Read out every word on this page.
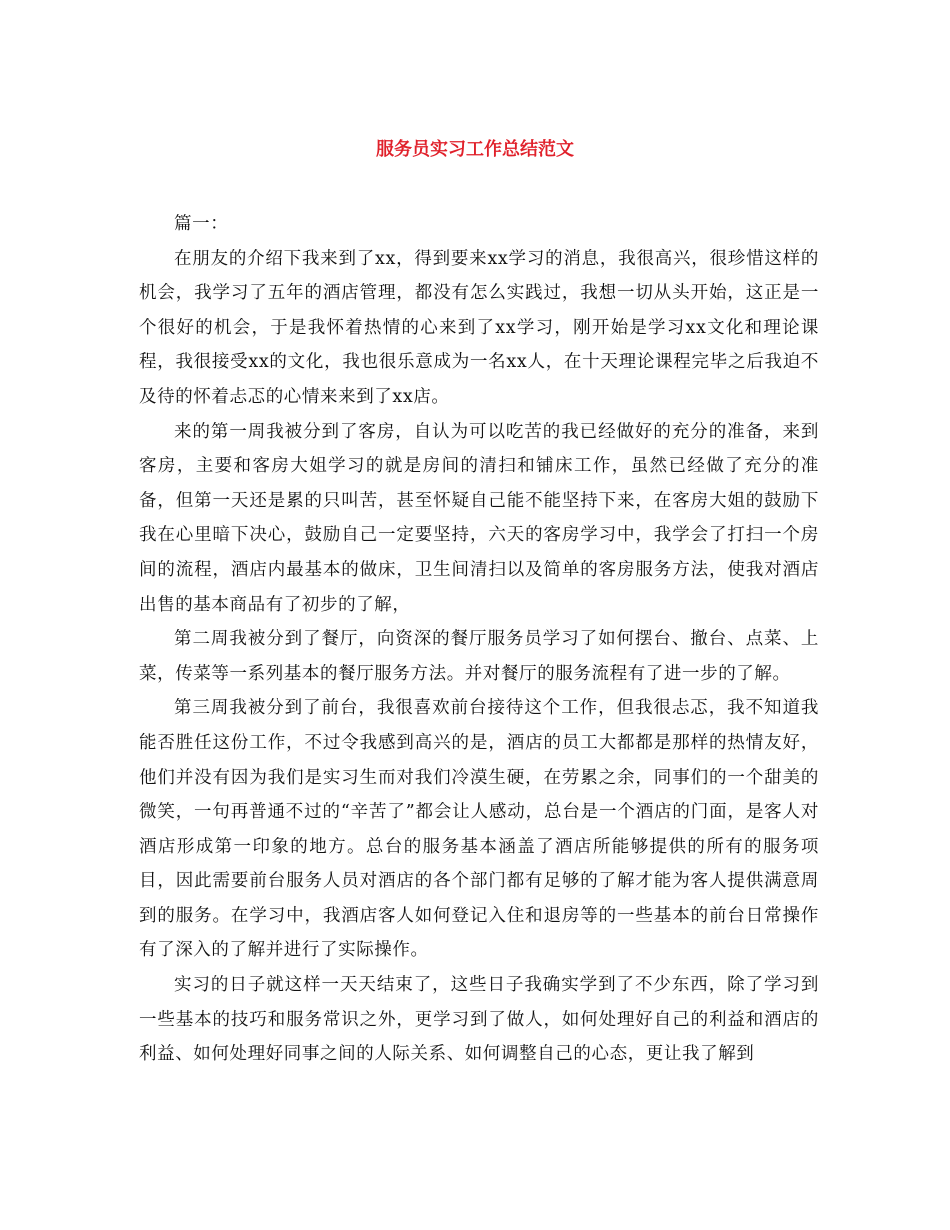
服务员实习工作总结范文

篇一：

在朋友的介绍下我来到了xx，得到要来xx学习的消息，我很高兴，很珍惜这样的机会，我学习了五年的酒店管理，都没有怎么实践过，我想一切从头开始，这正是一个很好的机会，于是我怀着热情的心来到了xx学习，刚开始是学习xx文化和理论课程，我很接受xx的文化，我也很乐意成为一名xx人，在十天理论课程完毕之后我迫不及待的怀着忐忑的心情来来到了xx店。

来的第一周我被分到了客房，自认为可以吃苦的我已经做好的充分的准备，来到客房，主要和客房大姐学习的就是房间的清扫和铺床工作，虽然已经做了充分的准备，但第一天还是累的只叫苦，甚至怀疑自己能不能坚持下来，在客房大姐的鼓励下我在心里暗下决心，鼓励自己一定要坚持，六天的客房学习中，我学会了打扫一个房间的流程，酒店内最基本的做床，卫生间清扫以及简单的客房服务方法，使我对酒店出售的基本商品有了初步的了解，

第二周我被分到了餐厅，向资深的餐厅服务员学习了如何摆台、撤台、点菜、上菜，传菜等一系列基本的餐厅服务方法。并对餐厅的服务流程有了进一步的了解。

第三周我被分到了前台，我很喜欢前台接待这个工作，但我很忐忑，我不知道我能否胜任这份工作，不过令我感到高兴的是，酒店的员工大都都是那样的热情友好，他们并没有因为我们是实习生而对我们冷漠生硬，在劳累之余，同事们的一个甜美的微笑，一句再普通不过的“辛苦了”都会让人感动，总台是一个酒店的门面，是客人对酒店形成第一印象的地方。总台的服务基本涵盖了酒店所能够提供的所有的服务项目，因此需要前台服务人员对酒店的各个部门都有足够的了解才能为客人提供满意周到的服务。在学习中，我酒店客人如何登记入住和退房等的一些基本的前台日常操作有了深入的了解并进行了实际操作。

实习的日子就这样一天天结束了，这些日子我确实学到了不少东西，除了学习到一些基本的技巧和服务常识之外，更学习到了做人，如何处理好自己的利益和酒店的利益、如何处理好同事之间的人际关系、如何调整自己的心态，更让我了解到
